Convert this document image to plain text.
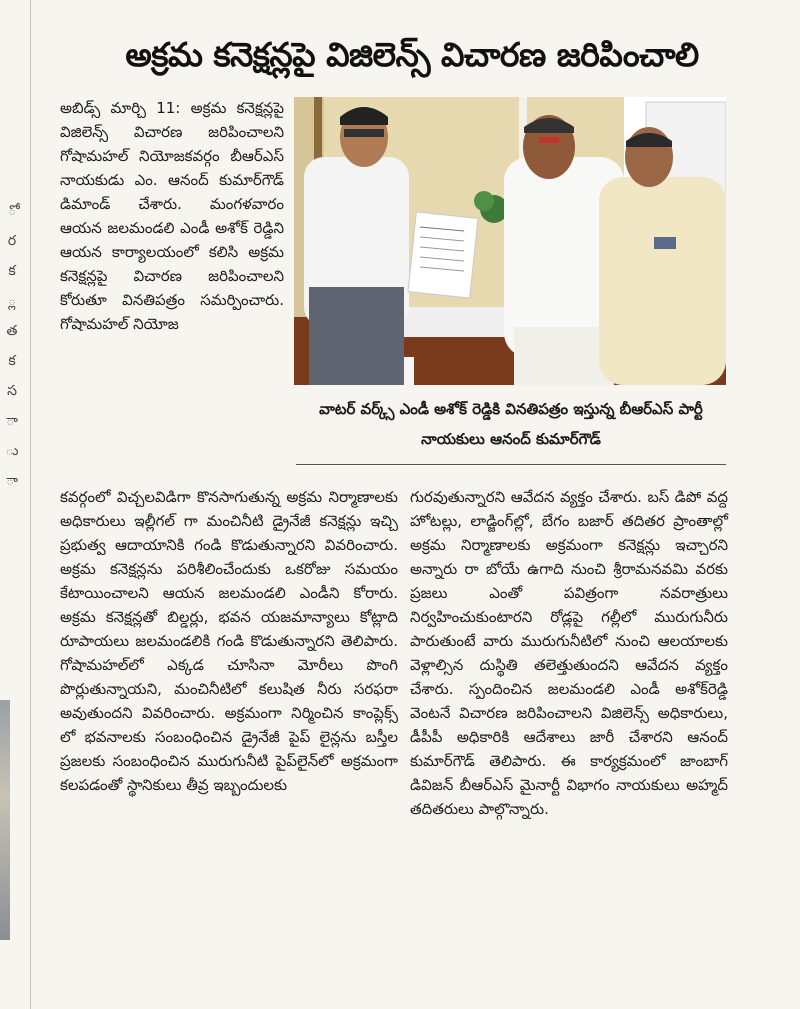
ో
ర
క
్ల
త
క
స
ా
ు
ా
అక్రమ కనెక్షన్లపై విజిలెన్స్ విచారణ జరిపించాలి

అబిడ్స్ మార్చి 11: అక్రమ కనెక్షన్లపై విజిలెన్స్ విచారణ జరిపించాలని గోషామహల్ నియోజకవర్గం బీఆర్ఎస్ నాయకుడు ఎం. ఆనంద్ కుమార్‌గౌడ్ డిమాండ్ చేశారు. మంగళవారం ఆయన జలమండలి ఎండీ అశోక్ రెడ్డిని ఆయన కార్యాలయంలో కలిసి అక్రమ కనెక్షన్లపై విచారణ జరిపించాలని కోరుతూ వినతిపత్రం సమర్పించారు. గోషామహల్ నియోజ

వాటర్ వర్క్స్ ఎండీ అశోక్ రెడ్డికి వినతిపత్రం ఇస్తున్న బీఆర్ఎస్ పార్టీ నాయకులు ఆనంద్ కుమార్‌గౌడ్

కవర్గంలో విచ్చలవిడిగా కొనసాగుతున్న అక్రమ నిర్మాణాలకు అధికారులు ఇల్లీగల్ గా మంచినీటి డ్రైనేజీ కనెక్షన్లు ఇచ్చి ప్రభుత్వ ఆదాయానికి గండి కొడుతున్నారని వివరించారు. అక్రమ కనెక్షన్లను పరిశీలించేందుకు ఒకరోజు సమయం కేటాయించాలని ఆయన జలమండలి ఎండీని కోరారు. అక్రమ కనెక్షన్లతో బిల్డర్లు, భవన యజమాన్యాలు కోట్లాది రూపాయలు జలమండలికి గండి కొడుతున్నారని తెలిపారు. గోషామహల్‌లో ఎక్కడ చూసినా మోరీలు పొంగి పొర్లుతున్నాయని, మంచినీటిలో కలుషిత నీరు సరఫరా అవుతుందని వివరించారు. అక్రమంగా నిర్మించిన కాంప్లెక్స్ లో భవనాలకు సంబంధించిన డ్రైనేజీ పైప్ లైన్లను బస్తీల ప్రజలకు సంబంధించిన మురుగునీటి పైప్‌లైన్‌లో అక్రమంగా కలపడంతో స్థానికులు తీవ్ర ఇబ్బందులకు

గురవుతున్నారని ఆవేదన వ్యక్తం చేశారు. బస్ డిపో వద్ద హోటల్లు, లాడ్జింగ్‌ల్లో, బేగం బజార్ తదితర ప్రాంతాల్లో అక్రమ నిర్మాణాలకు అక్రమంగా కనెక్షన్లు ఇచ్చారని అన్నారు రా బోయే ఉగాది నుంచి శ్రీరామనవమి వరకు ప్రజలు ఎంతో పవిత్రంగా నవరాత్రులు నిర్వహించుకుంటారని రోడ్లపై గల్లీలో మురుగునీరు పారుతుంటే వారు మురుగునీటిలో నుంచి ఆలయాలకు వెళ్లాల్సిన దుస్థితి తలెత్తుతుందని ఆవేదన వ్యక్తం చేశారు. స్పందించిన జలమండలి ఎండీ అశోక్‌రెడ్డి వెంటనే విచారణ జరిపించాలని విజిలెన్స్ అధికారులు, డీపీపీ అధికారికి ఆదేశాలు జారీ చేశారని ఆనంద్ కుమార్‌గౌడ్ తెలిపారు. ఈ కార్యక్రమంలో జాంబాగ్ డివిజన్ బీఆర్ఎస్ మైనార్టీ విభాగం నాయకులు అహ్మద్ తదితరులు పాల్గొన్నారు.
